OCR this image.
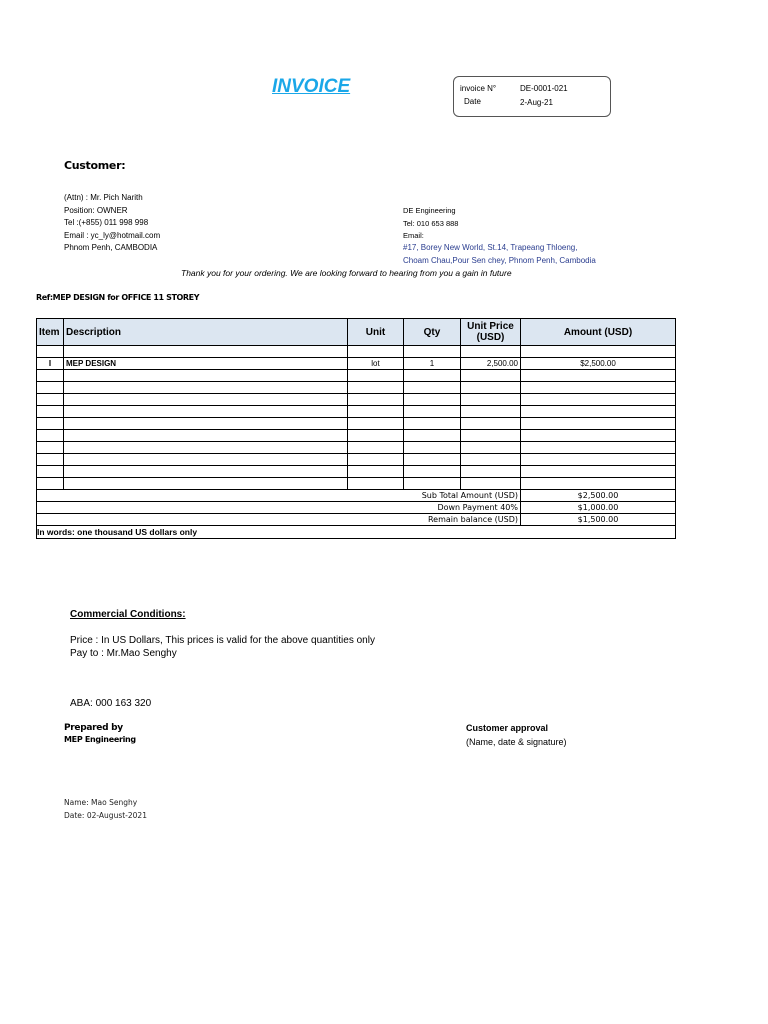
INVOICE	invoice N°	DE-0001-021
Date	2-Aug-21
Customer:
(Attn) : Mr. Pich Narith
Position: OWNER
Tel :(+855) 011 998 998
Email : yc_ly@hotmail.com
Phnom Penh, CAMBODIA
DE Engineering
Tel: 010 653 888
Email:
#17, Borey New World, St.14, Trapeang Thloeng,
Choam Chau,Pour Sen chey, Phnom Penh, Cambodia
Thank you for your ordering. We are looking forward to hearing from you a gain in future
Ref:MEP DESIGN for OFFICE 11 STOREY
Item	Description	Unit	Qty	Unit Price (USD)	Amount (USD)

I	MEP DESIGN	lot	1	2,500.00	$2,500.00

Sub Total Amount (USD)					$2,500.00
Down Payment 40%					$1,000.00
Remain balance (USD)					$1,500.00
In words: one thousand US dollars only					
Commercial Conditions:
Price : In US Dollars, This prices is valid for the above quantities only
Pay to : Mr.Mao Senghy
ABA: 000 163 320
Prepared by
MEP Engineering
Customer approval
(Name, date & signature)
Name: Mao Senghy
Date: 02-August-2021
